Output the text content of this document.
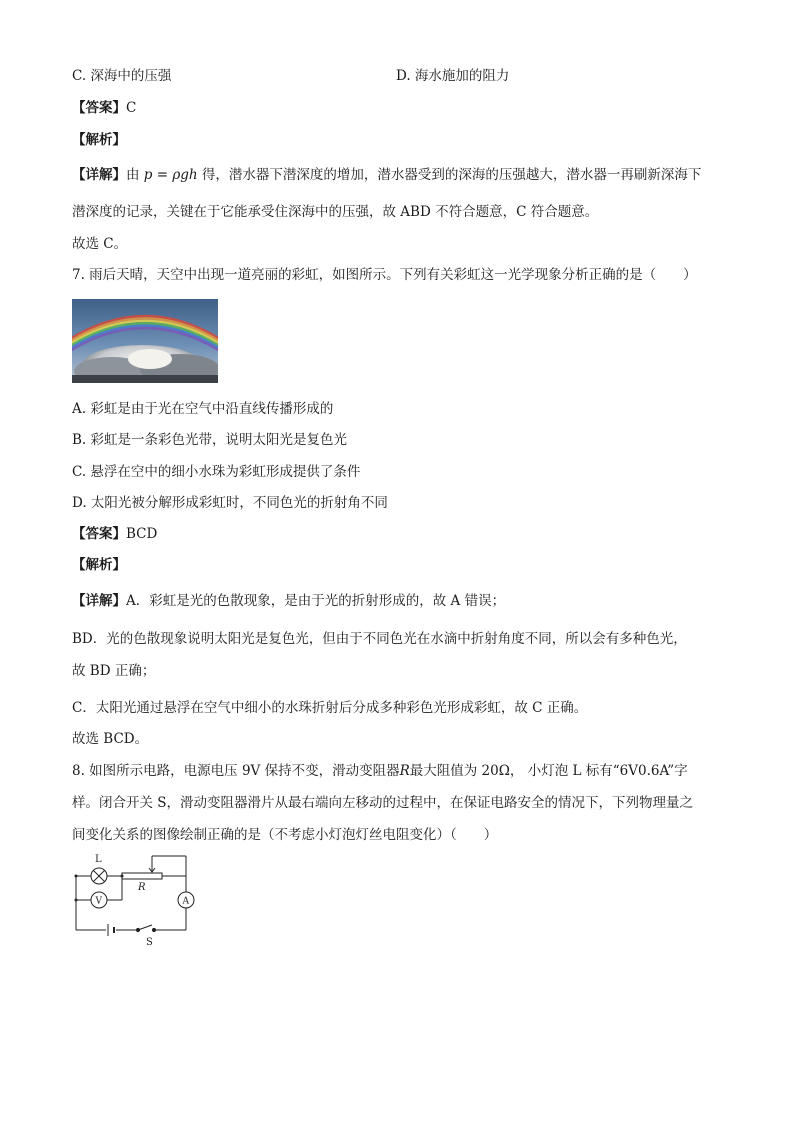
C. 深海中的压强	D. 海水施加的阻力
【答案】C
【解析】
【详解】由 p = ρgh 得，潜水器下潜深度的增加，潜水器受到的深海的压强越大，潜水器一再刷新深海下
潜深度的记录，关键在于它能承受住深海中的压强，故 ABD 不符合题意，C 符合题意。
故选 C。
7. 雨后天晴，天空中出现一道亮丽的彩虹，如图所示。下列有关彩虹这一光学现象分析正确的是（　　）
A. 彩虹是由于光在空气中沿直线传播形成的
B. 彩虹是一条彩色光带，说明太阳光是复色光
C. 悬浮在空中的细小水珠为彩虹形成提供了条件
D. 太阳光被分解形成彩虹时，不同色光的折射角不同
【答案】BCD
【解析】
【详解】A．彩虹是光的色散现象，是由于光的折射形成的，故 A 错误；
BD．光的色散现象说明太阳光是复色光，但由于不同色光在水滴中折射角度不同，所以会有多种色光，
故 BD 正确；
C．太阳光通过悬浮在空气中细小的水珠折射后分成多种彩色光形成彩虹，故 C 正确。
故选 BCD。
8. 如图所示电路，电源电压 9V 保持不变，滑动变阻器R最大阻值为 20Ω， 小灯泡 L 标有“6V0.6A”字
样。闭合开关 S，滑动变阻器滑片从最右端向左移动的过程中，在保证电路安全的情况下，下列物理量之
间变化关系的图像绘制正确的是（不考虑小灯泡灯丝电阻变化）（　　）
L
R
V	A
S
